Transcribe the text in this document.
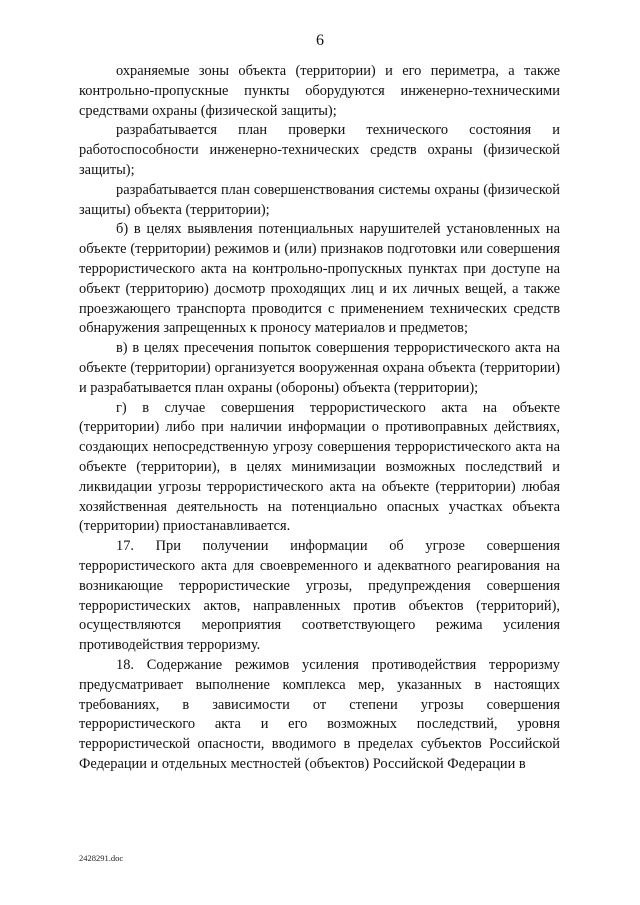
6

охраняемые зоны объекта (территории) и его периметра, а также контрольно-пропускные пункты оборудуются инженерно-техническими средствами охраны (физической защиты);

разрабатывается план проверки технического состояния и работоспособности инженерно-технических средств охраны (физической защиты);

разрабатывается план совершенствования системы охраны (физической защиты) объекта (территории);

б) в целях выявления потенциальных нарушителей установленных на объекте (территории) режимов и (или) признаков подготовки или совершения террористического акта на контрольно-пропускных пунктах при доступе на объект (территорию) досмотр проходящих лиц и их личных вещей, а также проезжающего транспорта проводится с применением технических средств обнаружения запрещенных к проносу материалов и предметов;

в) в целях пресечения попыток совершения террористического акта на объекте (территории) организуется вооруженная охрана объекта (территории) и разрабатывается план охраны (обороны) объекта (территории);

г) в случае совершения террористического акта на объекте (территории) либо при наличии информации о противоправных действиях, создающих непосредственную угрозу совершения террористического акта на объекте (территории), в целях минимизации возможных последствий и ликвидации угрозы террористического акта на объекте (территории) любая хозяйственная деятельность на потенциально опасных участках объекта (территории) приостанавливается.

17. При получении информации об угрозе совершения террористического акта для своевременного и адекватного реагирования на возникающие террористические угрозы, предупреждения совершения террористических актов, направленных против объектов (территорий), осуществляются мероприятия соответствующего режима усиления противодействия терроризму.

18. Содержание режимов усиления противодействия терроризму предусматривает выполнение комплекса мер, указанных в настоящих требованиях, в зависимости от степени угрозы совершения террористического акта и его возможных последствий, уровня террористической опасности, вводимого в пределах субъектов Российской Федерации и отдельных местностей (объектов) Российской Федерации в

2428291.doc
